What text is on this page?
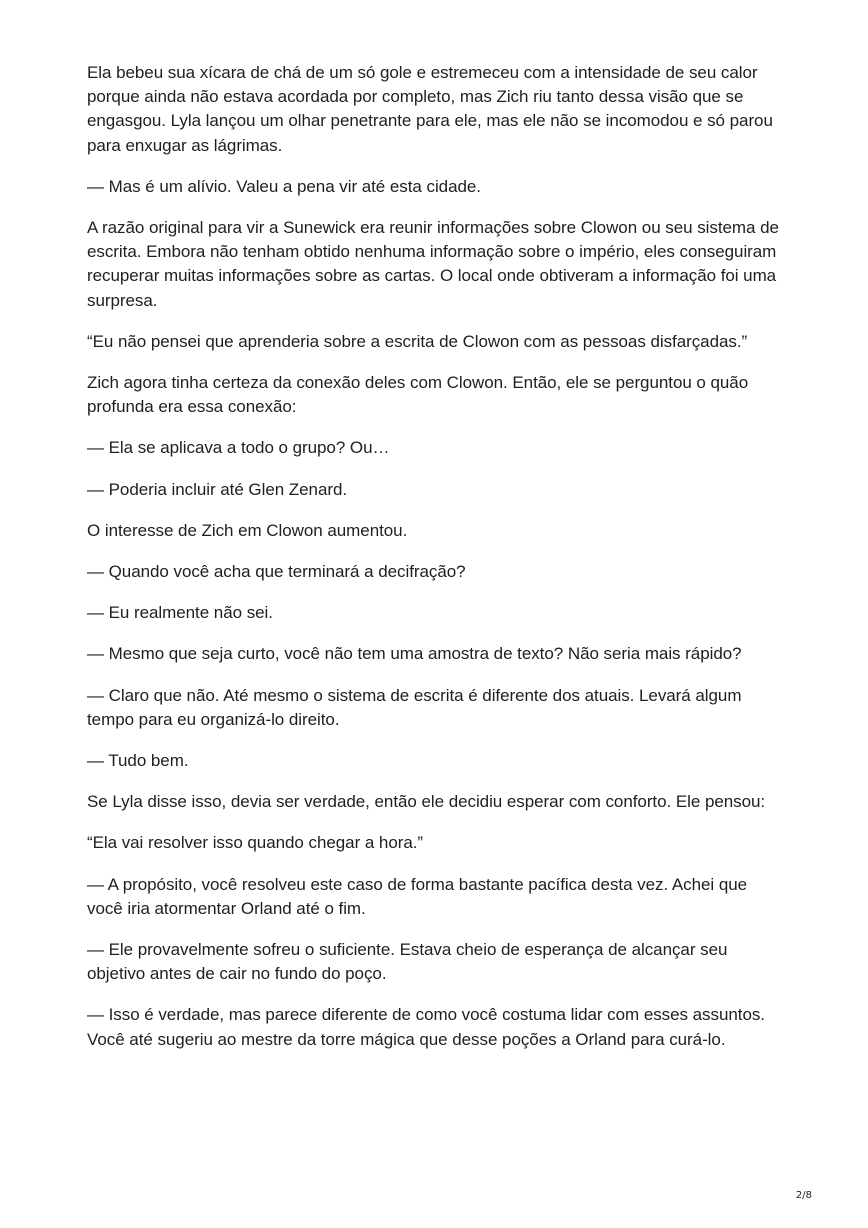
Ela bebeu sua xícara de chá de um só gole e estremeceu com a intensidade de seu calor porque ainda não estava acordada por completo, mas Zich riu tanto dessa visão que se engasgou. Lyla lançou um olhar penetrante para ele, mas ele não se incomodou e só parou para enxugar as lágrimas.

— Mas é um alívio. Valeu a pena vir até esta cidade.

A razão original para vir a Sunewick era reunir informações sobre Clowon ou seu sistema de escrita. Embora não tenham obtido nenhuma informação sobre o império, eles conseguiram recuperar muitas informações sobre as cartas. O local onde obtiveram a informação foi uma surpresa.

“Eu não pensei que aprenderia sobre a escrita de Clowon com as pessoas disfarçadas.”

Zich agora tinha certeza da conexão deles com Clowon. Então, ele se perguntou o quão profunda era essa conexão:

— Ela se aplicava a todo o grupo? Ou…

— Poderia incluir até Glen Zenard.

O interesse de Zich em Clowon aumentou.

— Quando você acha que terminará a decifração?

— Eu realmente não sei.

— Mesmo que seja curto, você não tem uma amostra de texto? Não seria mais rápido?

— Claro que não. Até mesmo o sistema de escrita é diferente dos atuais. Levará algum tempo para eu organizá-lo direito.

— Tudo bem.

Se Lyla disse isso, devia ser verdade, então ele decidiu esperar com conforto. Ele pensou:

“Ela vai resolver isso quando chegar a hora.”

— A propósito, você resolveu este caso de forma bastante pacífica desta vez. Achei que você iria atormentar Orland até o fim.

— Ele provavelmente sofreu o suficiente. Estava cheio de esperança de alcançar seu objetivo antes de cair no fundo do poço.

— Isso é verdade, mas parece diferente de como você costuma lidar com esses assuntos. Você até sugeriu ao mestre da torre mágica que desse poções a Orland para curá-lo.

2/8
